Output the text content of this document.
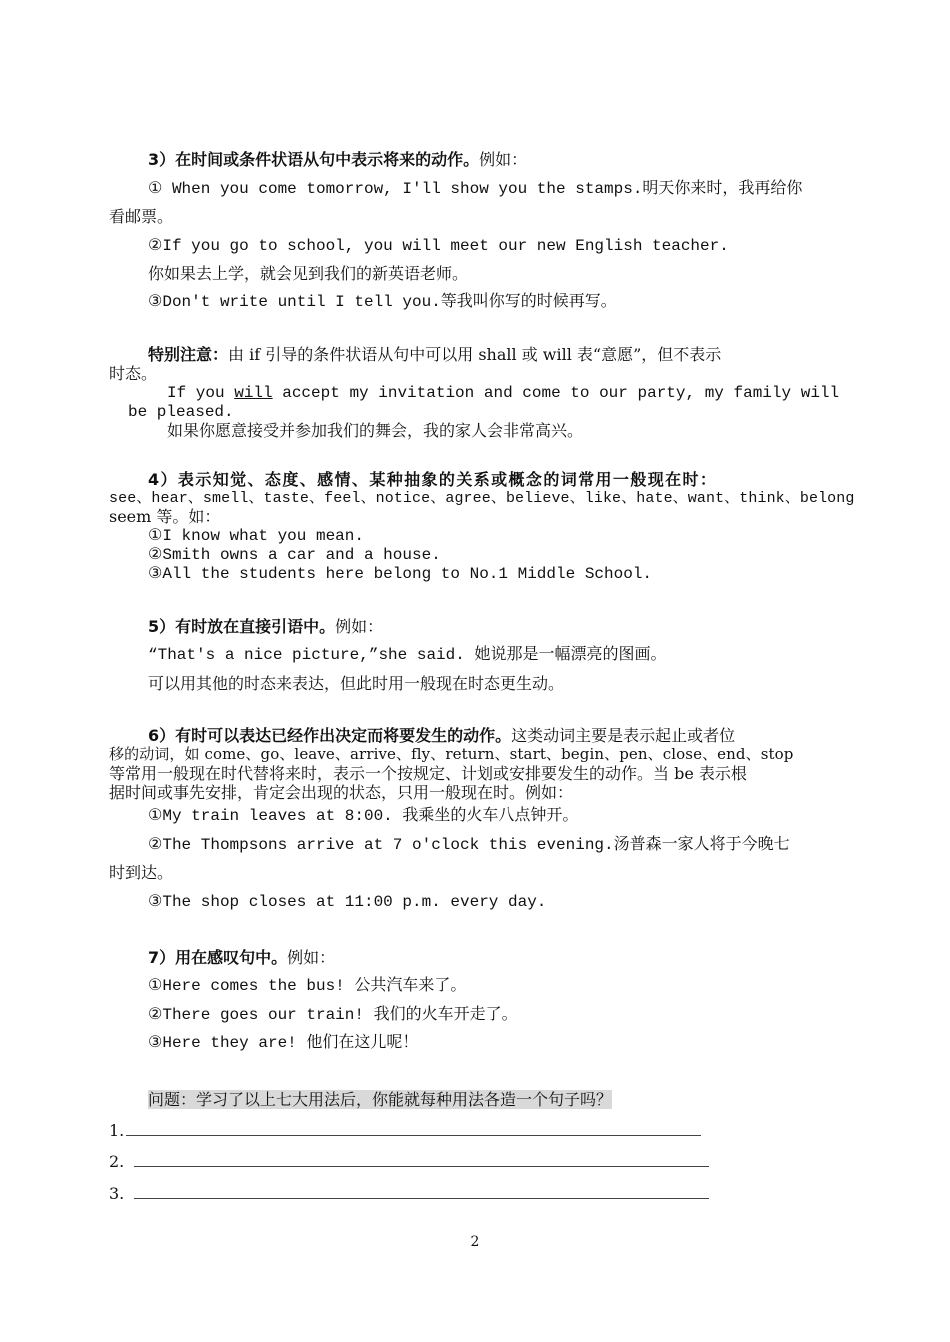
3）在时间或条件状语从句中表示将来的动作。例如：
① When you come tomorrow, I'll show you the stamps.明天你来时，我再给你
看邮票。
②If you go to school, you will meet our new English teacher.
你如果去上学，就会见到我们的新英语老师。
③Don't write until I tell you.等我叫你写的时候再写。
特别注意：由 if 引导的条件状语从句中可以用 shall 或 will 表“意愿”，但不表示
时态。
If you will accept my invitation and come to our party, my family will
be pleased.
如果你愿意接受并参加我们的舞会，我的家人会非常高兴。
4）表示知觉、态度、感情、某种抽象的关系或概念的词常用一般现在时：
see、hear、smell、taste、feel、notice、agree、believe、like、hate、want、think、belong
seem 等。如：
①I know what you mean.
②Smith owns a car and a house.
③All the students here belong to No.1 Middle School.
5）有时放在直接引语中。例如：
“That's a nice picture,”she said. 她说那是一幅漂亮的图画。
可以用其他的时态来表达，但此时用一般现在时态更生动。
6）有时可以表达已经作出决定而将要发生的动作。这类动词主要是表示起止或者位
移的动词，如 come、go、leave、arrive、fly、return、start、begin、pen、close、end、stop
等常用一般现在时代替将来时，表示一个按规定、计划或安排要发生的动作。当 be 表示根
据时间或事先安排，肯定会出现的状态，只用一般现在时。例如：
①My train leaves at 8:00. 我乘坐的火车八点钟开。
②The Thompsons arrive at 7 o'clock this evening.汤普森一家人将于今晚七
时到达。
③The shop closes at 11:00 p.m. every day.
7）用在感叹句中。例如：
①Here comes the bus! 公共汽车来了。
②There goes our train! 我们的火车开走了。
③Here they are! 他们在这儿呢！
问题：学习了以上七大用法后，你能就每种用法各造一个句子吗？
1.
2.
3.
2
